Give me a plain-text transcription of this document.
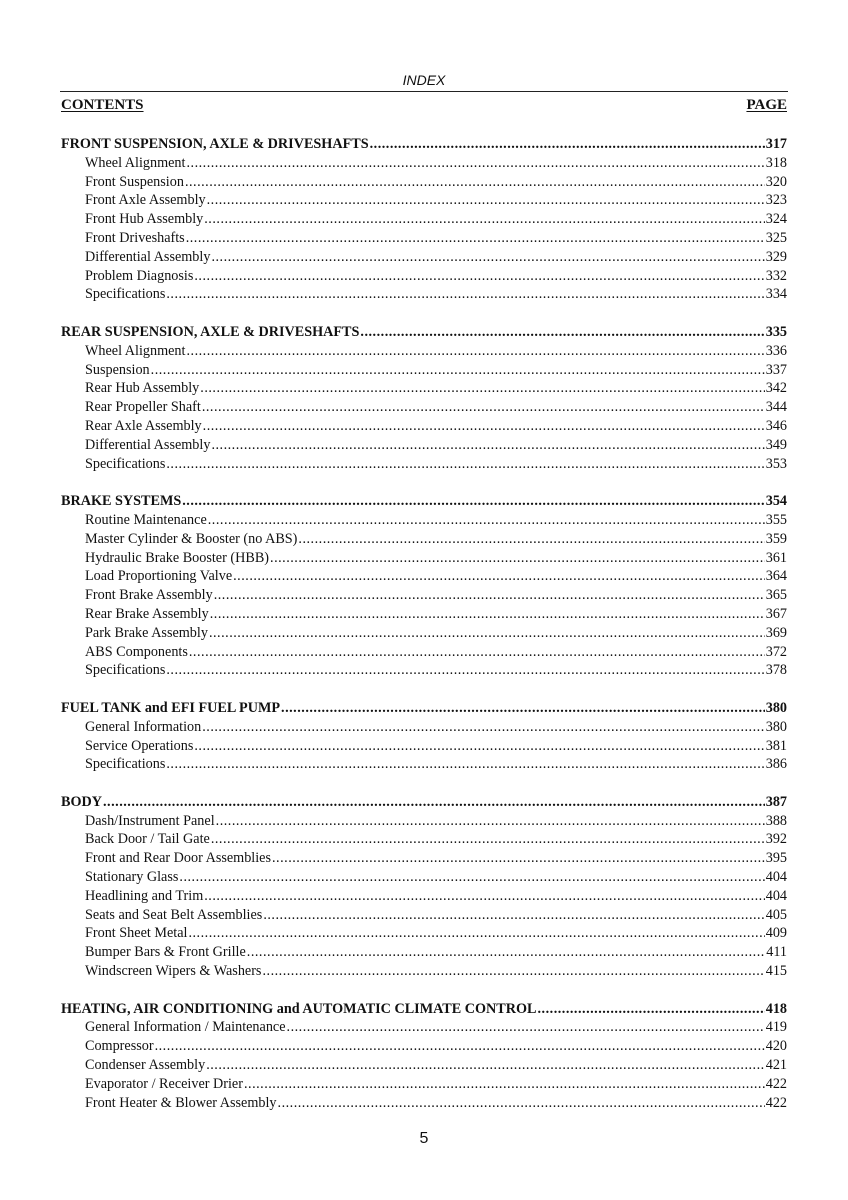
INDEX
CONTENTS	PAGE
FRONT SUSPENSION, AXLE & DRIVESHAFTS .....	317
Wheel Alignment .....	318
Front Suspension .....	320
Front Axle Assembly .....	323
Front Hub Assembly .....	324
Front Driveshafts .....	325
Differential Assembly .....	329
Problem Diagnosis .....	332
Specifications .....	334
REAR SUSPENSION, AXLE & DRIVESHAFTS .....	335
Wheel Alignment .....	336
Suspension .....	337
Rear Hub Assembly .....	342
Rear Propeller Shaft .....	344
Rear Axle Assembly .....	346
Differential Assembly .....	349
Specifications .....	353
BRAKE SYSTEMS .....	354
Routine Maintenance .....	355
Master Cylinder & Booster (no ABS) .....	359
Hydraulic Brake Booster (HBB) .....	361
Load Proportioning Valve .....	364
Front Brake Assembly .....	365
Rear Brake Assembly .....	367
Park Brake Assembly .....	369
ABS Components .....	372
Specifications .....	378
FUEL TANK and EFI FUEL PUMP .....	380
General Information .....	380
Service Operations .....	381
Specifications .....	386
BODY .....	387
Dash/Instrument Panel .....	388
Back Door / Tail Gate .....	392
Front and Rear Door Assemblies .....	395
Stationary Glass .....	404
Headlining and Trim .....	404
Seats and Seat Belt Assemblies .....	405
Front Sheet Metal .....	409
Bumper Bars & Front Grille .....	411
Windscreen Wipers & Washers .....	415
HEATING, AIR CONDITIONING and AUTOMATIC CLIMATE CONTROL .....	418
General Information / Maintenance .....	419
Compressor .....	420
Condenser Assembly .....	421
Evaporator / Receiver Drier .....	422
Front Heater & Blower Assembly .....	422
5
